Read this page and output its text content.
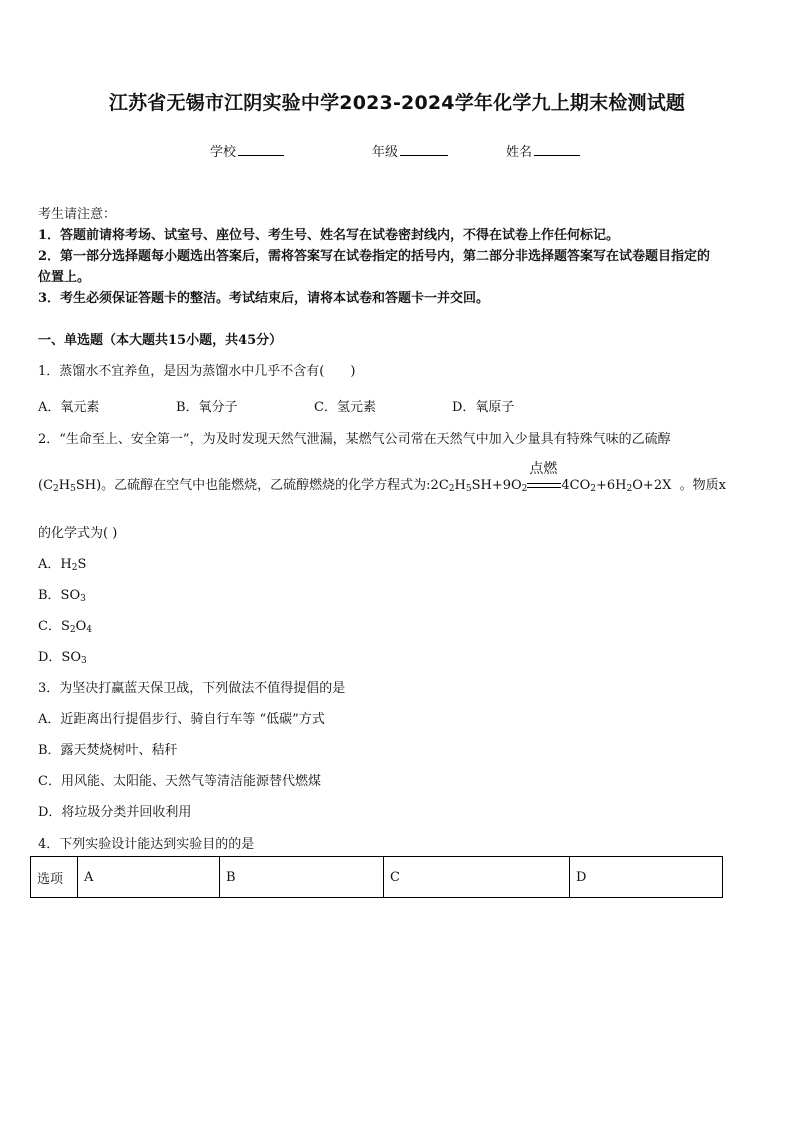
江苏省无锡市江阴实验中学2023-2024学年化学九上期末检测试题
学校	年级	姓名
考生请注意：
1．答题前请将考场、试室号、座位号、考生号、姓名写在试卷密封线内，不得在试卷上作任何标记。
2．第一部分选择题每小题选出答案后，需将答案写在试卷指定的括号内，第二部分非选择题答案写在试卷题目指定的
位置上。
3．考生必须保证答题卡的整洁。考试结束后，请将本试卷和答题卡一并交回。
一、单选题（本大题共15小题，共45分）
1．蒸馏水不宜养鱼，是因为蒸馏水中几乎不含有(　　)
A．氧元素	B．氧分子	C．氢元素	D．氧原子
2．“生命至上、安全第一”，为及时发现天然气泄漏，某燃气公司常在天然气中加入少量具有特殊气味的乙硫醇
$(C_2H_5SH)$。乙硫醇在空气中也能燃烧，乙硫醇燃烧的化学方程式为$:2C_2H_5SH+9O_2$
点燃
$4CO_2+6H_2O+2X$ 。物质x
的化学式为( )
A．$H_2S$
B．$SO_3$
C．$S_2O_4$
D．$SO_3$
3．为坚决打赢蓝天保卫战，下列做法不值得提倡的是
A．近距离出行提倡步行、骑自行车等 “低碳”方式
B．露天焚烧树叶、秸秆
C．用风能、太阳能、天然气等清洁能源替代燃煤
D．将垃圾分类并回收利用
4．下列实验设计能达到实验目的的是
选项	A	B	C	D
